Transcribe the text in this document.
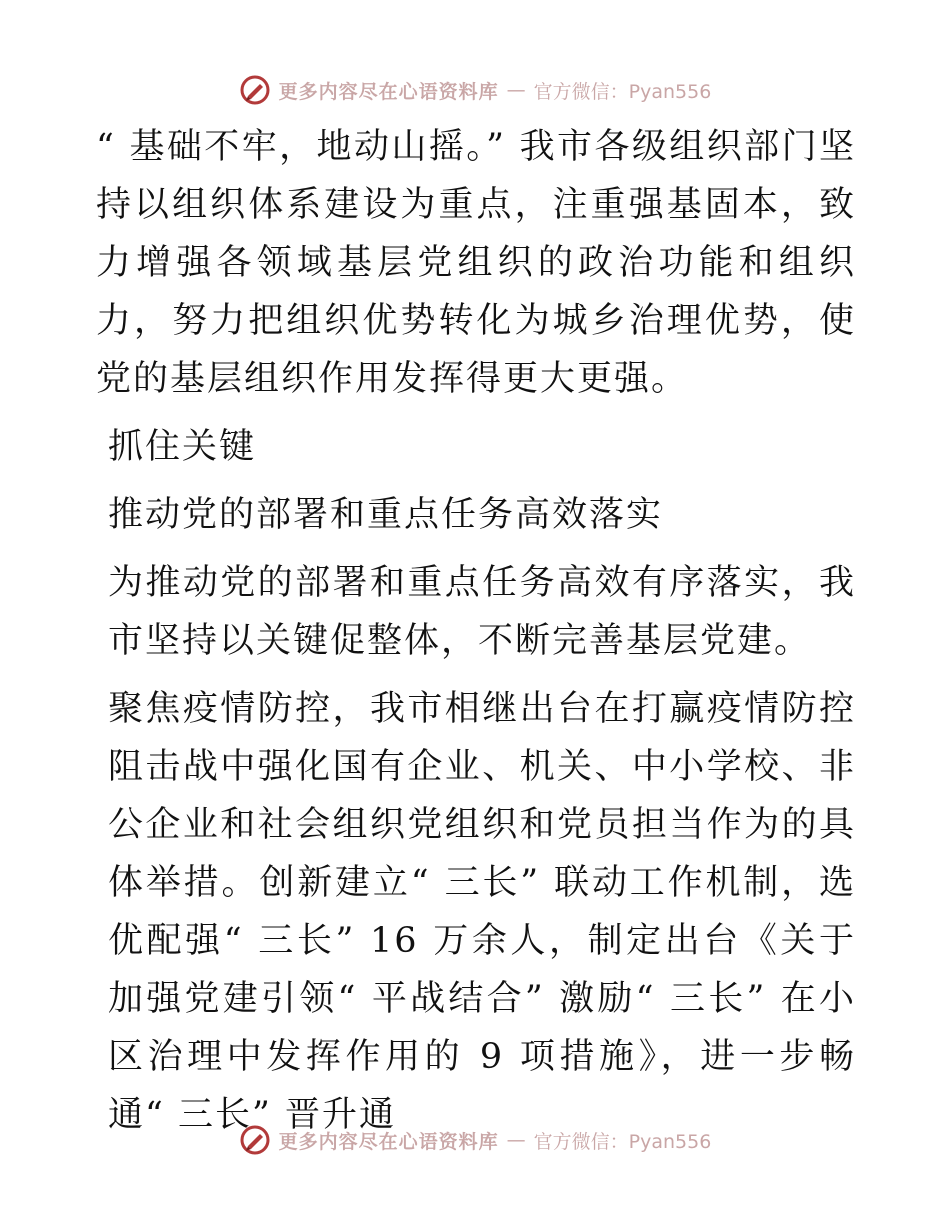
更多内容尽在心语资料库 — 官方微信：Pyan556

“ 基础不牢，地动山摇。” 我市各级组织部门坚持以组织体系建设为重点，注重强基固本，致力增强各领域基层党组织的政治功能和组织力，努力把组织优势转化为城乡治理优势，使党的基层组织作用发挥得更大更强。

抓住关键

推动党的部署和重点任务高效落实

为推动党的部署和重点任务高效有序落实，我市坚持以关键促整体，不断完善基层党建。

聚焦疫情防控，我市相继出台在打赢疫情防控阻击战中强化国有企业、机关、中小学校、非公企业和社会组织党组织和党员担当作为的具体举措。创新建立“ 三长” 联动工作机制，选优配强“ 三长” 16 万余人，制定出台《关于加强党建引领“ 平战结合” 激励“ 三长” 在小区治理中发挥作用的 9 项措施》，进一步畅通“ 三长” 晋升通

更多内容尽在心语资料库 — 官方微信：Pyan556
